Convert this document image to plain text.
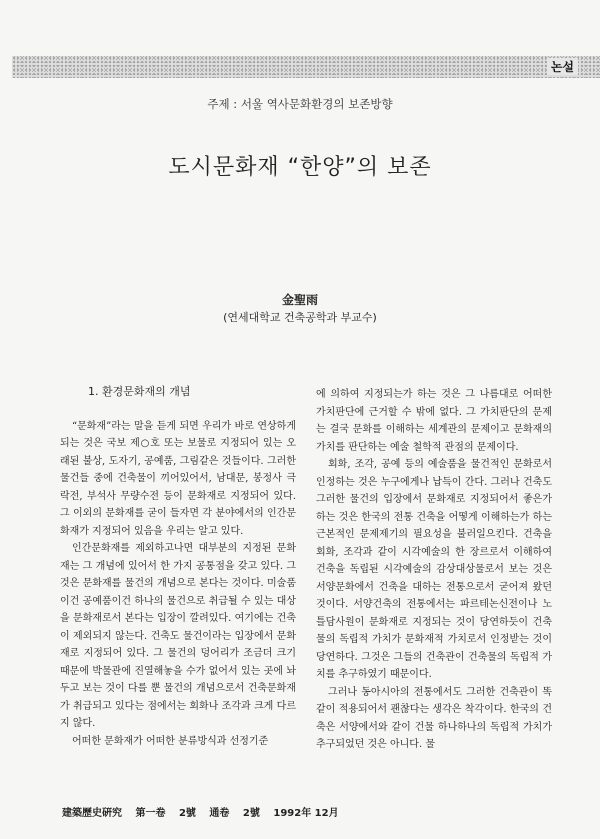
논설
주제 : 서울 역사문화환경의 보존방향
도시문화재 “한양”의 보존
金聖雨
(연세대학교 건축공학과 부교수)
1. 환경문화재의 개념

“문화재”라는 말을 듣게 되면 우리가 바로 연상하게 되는 것은 국보 제○호 또는 보물로 지정되어 있는 오래된 불상, 도자기, 공예품, 그림같은 것들이다. 그러한 물건들 중에 건축물이 끼어있어서, 남대문, 봉정사 극락전, 부석사 무량수전 등이 문화재로 지정되어 있다. 그 이외의 문화재를 굳이 들자면 각 분야에서의 인간문화재가 지정되어 있음을 우리는 알고 있다.

인간문화재를 제외하고나면 대부분의 지정된 문화재는 그 개념에 있어서 한 가지 공통점을 갖고 있다. 그것은 문화재를 물건의 개념으로 본다는 것이다. 미술품이건 공예품이건 하나의 물건으로 취급될 수 있는 대상을 문화재로서 본다는 입장이 깔려있다. 여기에는 건축이 제외되지 않는다. 건축도 물건이라는 입장에서 문화재로 지정되어 있다. 그 물건의 덩어리가 조금더 크기 때문에 박물관에 진열해놓을 수가 없어서 있는 곳에 놔두고 보는 것이 다를 뿐 물건의 개념으로서 건축문화재가 취급되고 있다는 점에서는 회화나 조각과 크게 다르지 않다.

어떠한 문화재가 어떠한 분류방식과 선정기준

에 의하여 지정되는가 하는 것은 그 나름대로 어떠한 가치판단에 근거할 수 밖에 없다. 그 가치판단의 문제는 결국 문화를 이해하는 세계관의 문제이고 문화재의 가치를 판단하는 예술 철학적 관점의 문제이다.

회화, 조각, 공예 등의 예술품을 물건적인 문화로서 인정하는 것은 누구에게나 납득이 간다. 그러나 건축도 그러한 물건의 입장에서 문화재로 지정되어서 좋은가 하는 것은 한국의 전통 건축을 어떻게 이해하는가 하는 근본적인 문제제기의 필요성을 불러일으킨다. 건축을 회화, 조각과 같이 시각예술의 한 장르로서 이해하여 건축을 독립된 시각예술의 감상대상물로서 보는 것은 서양문화에서 건축을 대하는 전통으로서 굳어져 왔던 것이다. 서양건축의 전통에서는 파르테논신전이나 노틀담사원이 문화재로 지정되는 것이 당연하듯이 건축물의 독립적 가치가 문화재적 가치로서 인정받는 것이 당연하다. 그것은 그들의 건축관이 건축물의 독립적 가치를 추구하였기 때문이다.

그러나 동아시아의 전통에서도 그러한 건축관이 똑같이 적용되어서 괜찮다는 생각은 착각이다. 한국의 건축은 서양에서와 같이 건물 하나하나의 독립적 가치가 추구되었던 것은 아니다. 물

建築歷史硏究 第一卷 2號 通卷 2號 1992年 12月
